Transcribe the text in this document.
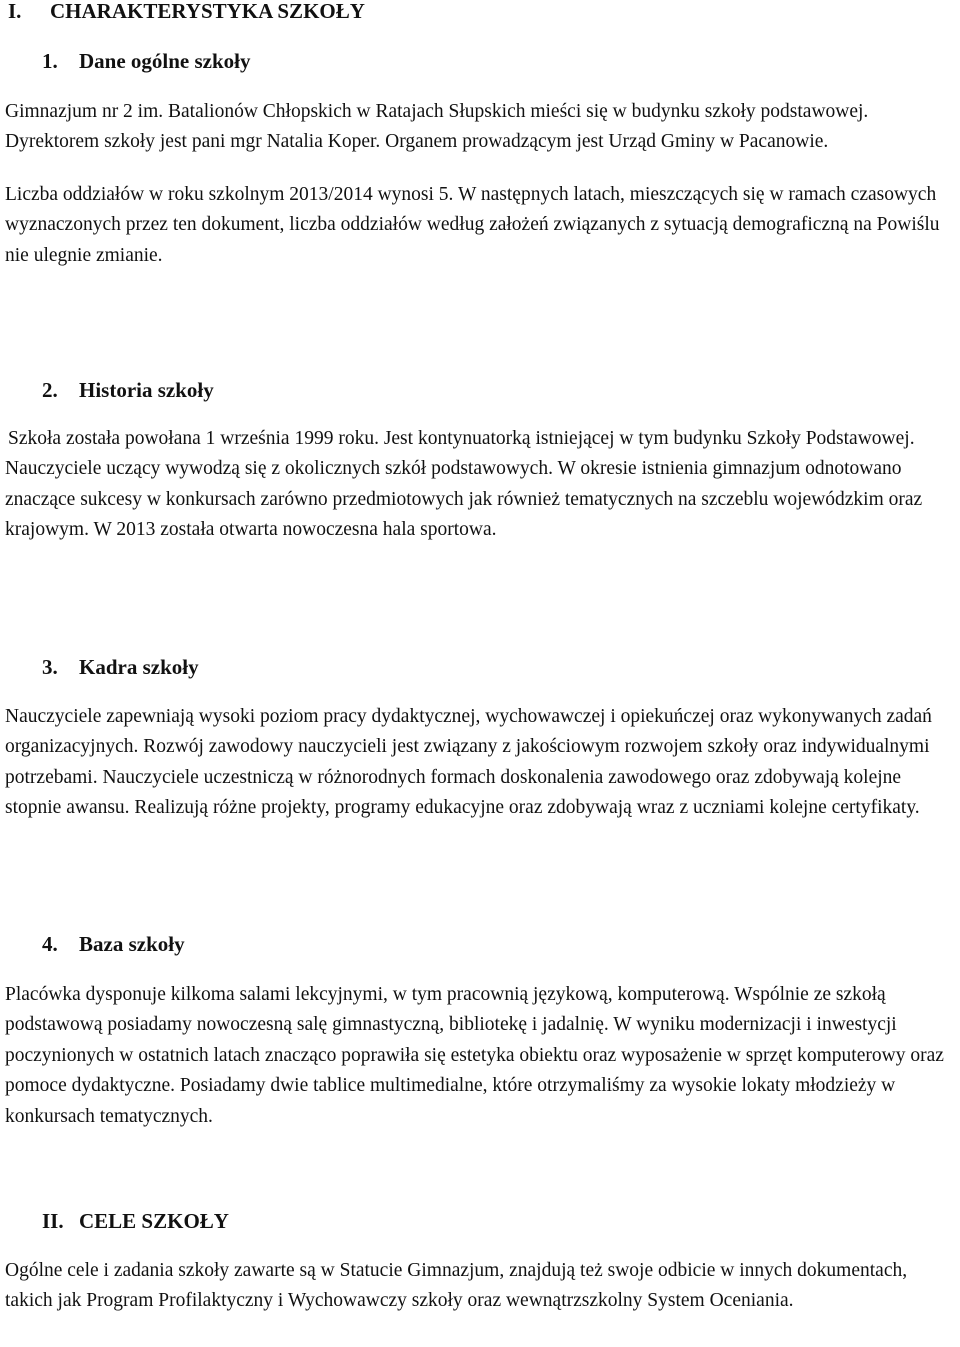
I. CHARAKTERYSTYKA SZKOŁY
1. Dane ogólne szkoły

Gimnazjum nr 2 im. Batalionów Chłopskich w Ratajach Słupskich mieści się w budynku szkoły podstawowej. Dyrektorem szkoły jest pani mgr Natalia Koper. Organem prowadzącym jest Urząd Gminy w Pacanowie.

Liczba oddziałów w roku szkolnym 2013/2014 wynosi 5. W następnych latach, mieszczących się w ramach czasowych wyznaczonych przez ten dokument, liczba oddziałów według założeń związanych z sytuacją demograficzną na Powiślu nie ulegnie zmianie.

2. Historia szkoły

Szkoła została powołana 1 września 1999 roku. Jest kontynuatorką istniejącej w tym budynku Szkoły Podstawowej. Nauczyciele uczący wywodzą się z okolicznych szkół podstawowych. W okresie istnienia gimnazjum odnotowano znaczące sukcesy w konkursach zarówno przedmiotowych jak również tematycznych na szczeblu wojewódzkim oraz krajowym. W 2013 została otwarta nowoczesna hala sportowa.

3. Kadra szkoły

Nauczyciele zapewniają wysoki poziom pracy dydaktycznej, wychowawczej i opiekuńczej oraz wykonywanych zadań organizacyjnych. Rozwój zawodowy nauczycieli jest związany z jakościowym rozwojem szkoły oraz indywidualnymi potrzebami. Nauczyciele uczestniczą w różnorodnych formach doskonalenia zawodowego oraz zdobywają kolejne stopnie awansu. Realizują różne projekty, programy edukacyjne oraz zdobywają wraz z uczniami kolejne certyfikaty.

4. Baza szkoły

Placówka dysponuje kilkoma salami lekcyjnymi, w tym pracownią językową, komputerową. Wspólnie ze szkołą podstawową posiadamy nowoczesną salę gimnastyczną, bibliotekę i jadalnię. W wyniku modernizacji i inwestycji poczynionych w ostatnich latach znacząco poprawiła się estetyka obiektu oraz wyposażenie w sprzęt komputerowy oraz pomoce dydaktyczne. Posiadamy dwie tablice multimedialne, które otrzymaliśmy za wysokie lokaty młodzieży w konkursach tematycznych.

II. CELE SZKOŁY

Ogólne cele i zadania szkoły zawarte są w Statucie Gimnazjum, znajdują też swoje odbicie w innych dokumentach, takich jak Program Profilaktyczny i Wychowawczy szkoły oraz wewnątrzszkolny System Oceniania.
